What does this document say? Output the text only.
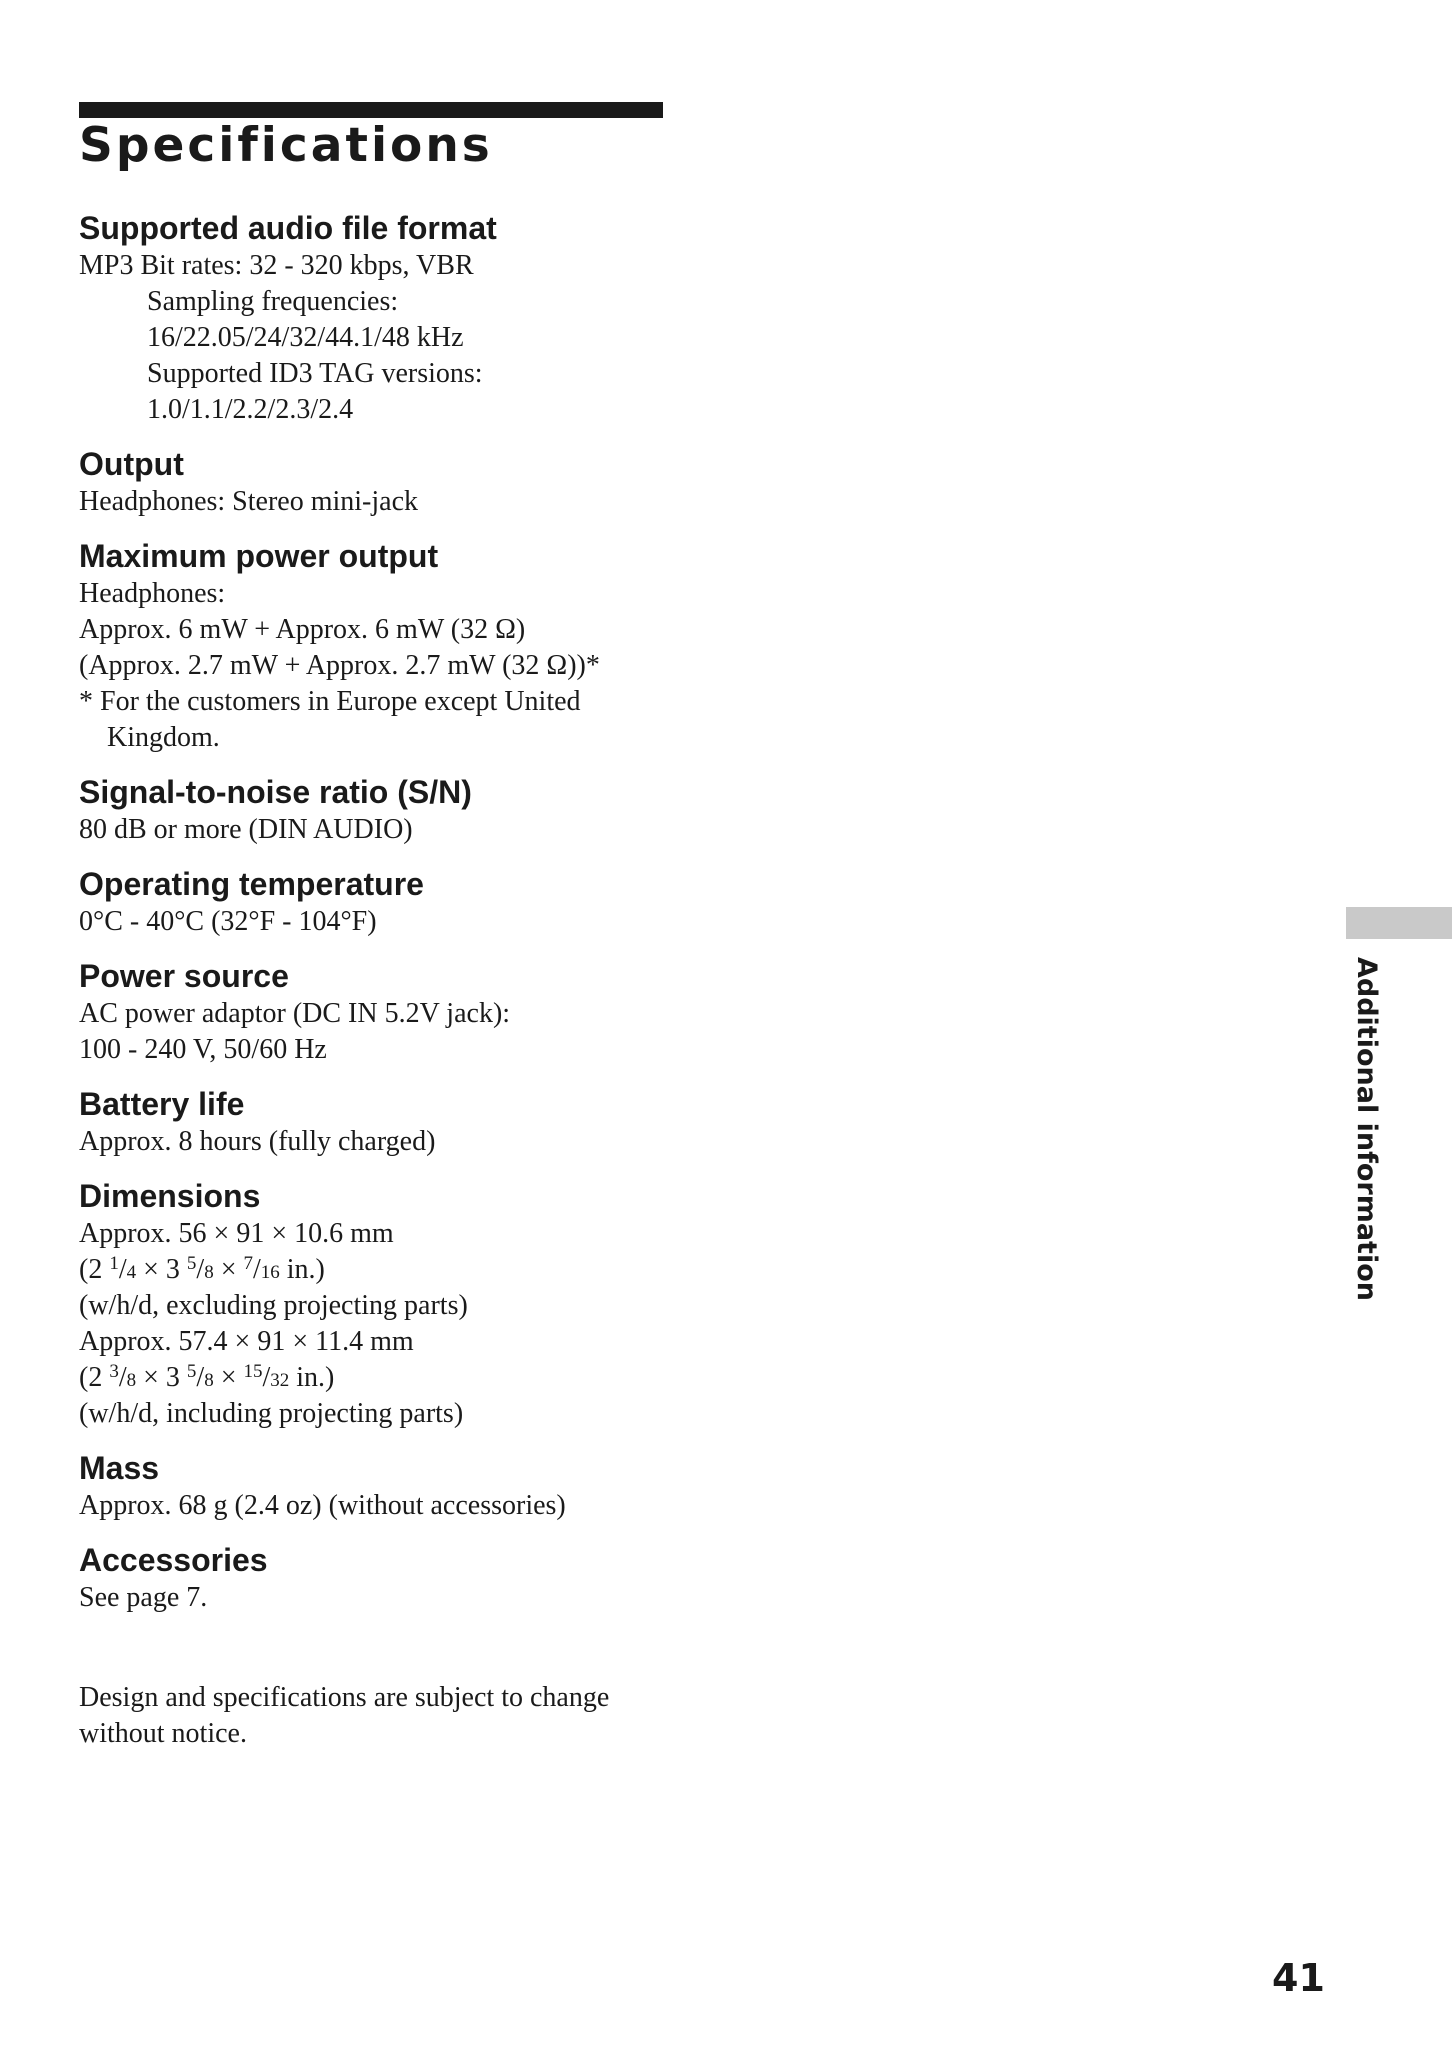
Specifications
Supported audio file format
MP3 Bit rates: 32 - 320 kbps, VBR
Sampling frequencies:
16/22.05/24/32/44.1/48 kHz
Supported ID3 TAG versions:
1.0/1.1/2.2/2.3/2.4
Output
Headphones: Stereo mini-jack
Maximum power output
Headphones:
Approx. 6 mW + Approx. 6 mW (32 Ω)
(Approx. 2.7 mW + Approx. 2.7 mW (32 Ω))*
* For the customers in Europe except United
Kingdom.
Signal-to-noise ratio (S/N)
80 dB or more (DIN AUDIO)
Operating temperature
0°C - 40°C (32°F - 104°F)
Power source
AC power adaptor (DC IN 5.2V jack):
100 - 240 V, 50/60 Hz
Battery life
Approx. 8 hours (fully charged)
Dimensions
Approx. 56 × 91 × 10.6 mm
(2 $^1$/4 × 3 $^5$/8 × $^7$/16 in.)
(w/h/d, excluding projecting parts)
Approx. 57.4 × 91 × 11.4 mm
(2 $^3$/8 × 3 $^5$/8 × $^{15}$/32 in.)
(w/h/d, including projecting parts)
Mass
Approx. 68 g (2.4 oz) (without accessories)
Accessories
See page 7.
Design and specifications are subject to change
without notice.
Additional information
41
